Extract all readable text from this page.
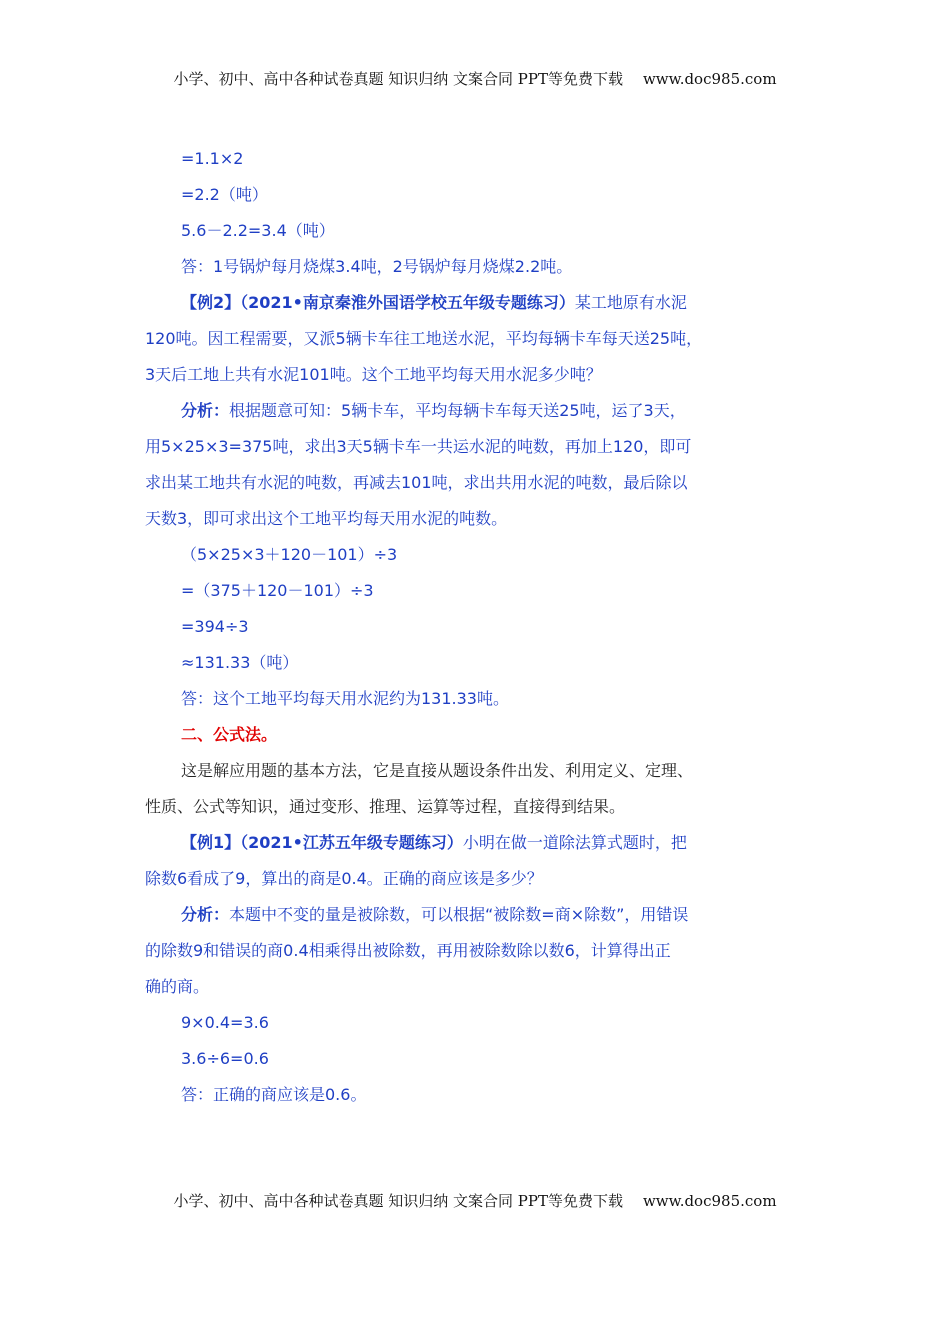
小学、初中、高中各种试卷真题 知识归纳 文案合同 PPT等免费下载 www.doc985.com
=1.1×2
=2.2（吨）
5.6－2.2=3.4（吨）
答：1号锅炉每月烧煤3.4吨，2号锅炉每月烧煤2.2吨。
【例2】（2021•南京秦淮外国语学校五年级专题练习）某工地原有水泥
120吨。因工程需要，又派5辆卡车往工地送水泥，平均每辆卡车每天送25吨，
3天后工地上共有水泥101吨。这个工地平均每天用水泥多少吨？
分析：根据题意可知：5辆卡车，平均每辆卡车每天送25吨，运了3天，
用5×25×3=375吨，求出3天5辆卡车一共运水泥的吨数，再加上120，即可
求出某工地共有水泥的吨数，再减去101吨，求出共用水泥的吨数，最后除以
天数3，即可求出这个工地平均每天用水泥的吨数。
（5×25×3＋120－101）÷3
=（375＋120－101）÷3
=394÷3
≈131.33（吨）
答：这个工地平均每天用水泥约为131.33吨。
二、公式法。
这是解应用题的基本方法，它是直接从题设条件出发、利用定义、定理、
性质、公式等知识，通过变形、推理、运算等过程，直接得到结果。
【例1】（2021•江苏五年级专题练习）小明在做一道除法算式题时，把
除数6看成了9，算出的商是0.4。正确的商应该是多少？
分析：本题中不变的量是被除数，可以根据“被除数=商×除数”，用错误
的除数9和错误的商0.4相乘得出被除数，再用被除数除以数6，计算得出正
确的商。
9×0.4=3.6
3.6÷6=0.6
答：正确的商应该是0.6。
小学、初中、高中各种试卷真题 知识归纳 文案合同 PPT等免费下载 www.doc985.com
